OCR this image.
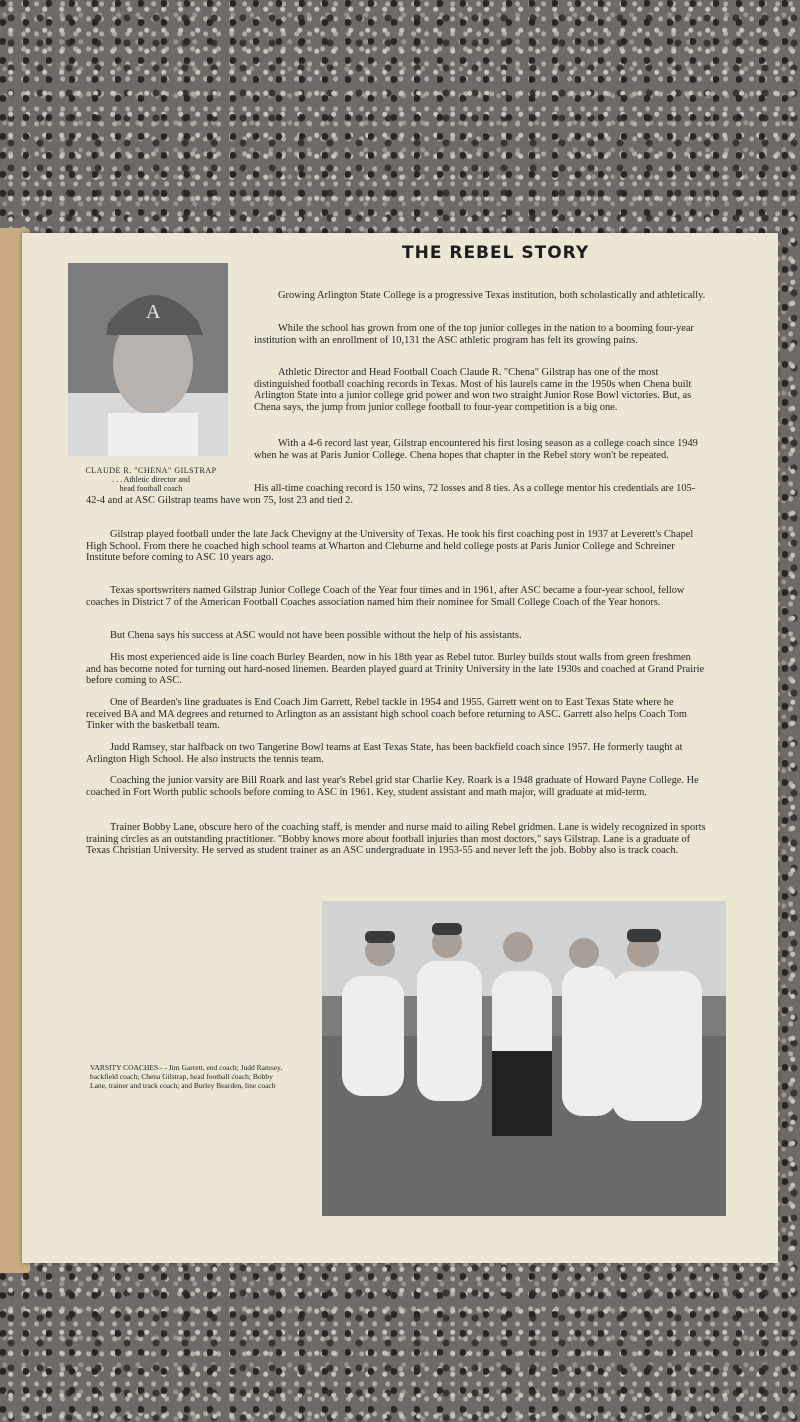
THE REBEL STORY
A
CLAUDE R. "CHENA" GILSTRAP
. . . Athletic director and
head football coach

Growing Arlington State College is a progressive Texas institution, both scholastically and athletically.

While the school has grown from one of the top junior colleges in the nation to a booming four-year institution with an enrollment of 10,131 the ASC athletic program has felt its growing pains.

Athletic Director and Head Football Coach Claude R. "Chena" Gilstrap has one of the most distinguished football coaching records in Texas. Most of his laurels came in the 1950s when Chena built Arlington State into a junior college grid power and won two straight Junior Rose Bowl victories. But, as Chena says, the jump from junior college football to four-year competition is a big one.

With a 4-6 record last year, Gilstrap encountered his first losing season as a college coach since 1949 when he was at Paris Junior College. Chena hopes that chapter in the Rebel story won't be repeated.

His all-time coaching record is 150 wins, 72 losses and 8 ties. As a college mentor his credentials are 105-42-4 and at ASC Gilstrap teams have won 75, lost 23 and tied 2.

Gilstrap played football under the late Jack Chevigny at the University of Texas. He took his first coaching post in 1937 at Leverett's Chapel High School. From there he coached high school teams at Wharton and Cleburne and held college posts at Paris Junior College and Schreiner Institute before coming to ASC 10 years ago.

Texas sportswriters named Gilstrap Junior College Coach of the Year four times and in 1961, after ASC became a four-year school, fellow coaches in District 7 of the American Football Coaches association named him their nominee for Small College Coach of the Year honors.

But Chena says his success at ASC would not have been possible without the help of his assistants.

His most experienced aide is line coach Burley Bearden, now in his 18th year as Rebel tutor. Burley builds stout walls from green freshmen and has become noted for turning out hard-nosed linemen. Bearden played guard at Trinity University in the late 1930s and coached at Grand Prairie before coming to ASC.

One of Bearden's line graduates is End Coach Jim Garrett, Rebel tackle in 1954 and 1955. Garrett went on to East Texas State where he received BA and MA degrees and returned to Arlington as an assistant high school coach before returning to ASC. Garrett also helps Coach Tom Tinker with the basketball team.

Judd Ramsey, star halfback on two Tangerine Bowl teams at East Texas State, has been backfield coach since 1957. He formerly taught at Arlington High School. He also instructs the tennis team.

Coaching the junior varsity are Bill Roark and last year's Rebel grid star Charlie Key. Roark is a 1948 graduate of Howard Payne College. He coached in Fort Worth public schools before coming to ASC in 1961. Key, student assistant and math major, will graduate at mid-term.

Trainer Bobby Lane, obscure hero of the coaching staff, is mender and nurse maid to ailing Rebel gridmen. Lane is widely recognized in sports training circles as an outstanding practitioner. "Bobby knows more about football injuries than most doctors," says Gilstrap. Lane is a graduate of Texas Christian University. He served as student trainer as an ASC undergraduate in 1953-55 and never left the job. Bobby also is track coach.

VARSITY COACHES - - Jim Garrett, end coach; Judd Ramsey, backfield coach; Chena Gilstrap, head football coach; Bobby Lane, trainer and track coach; and Burley Bearden, line coach
